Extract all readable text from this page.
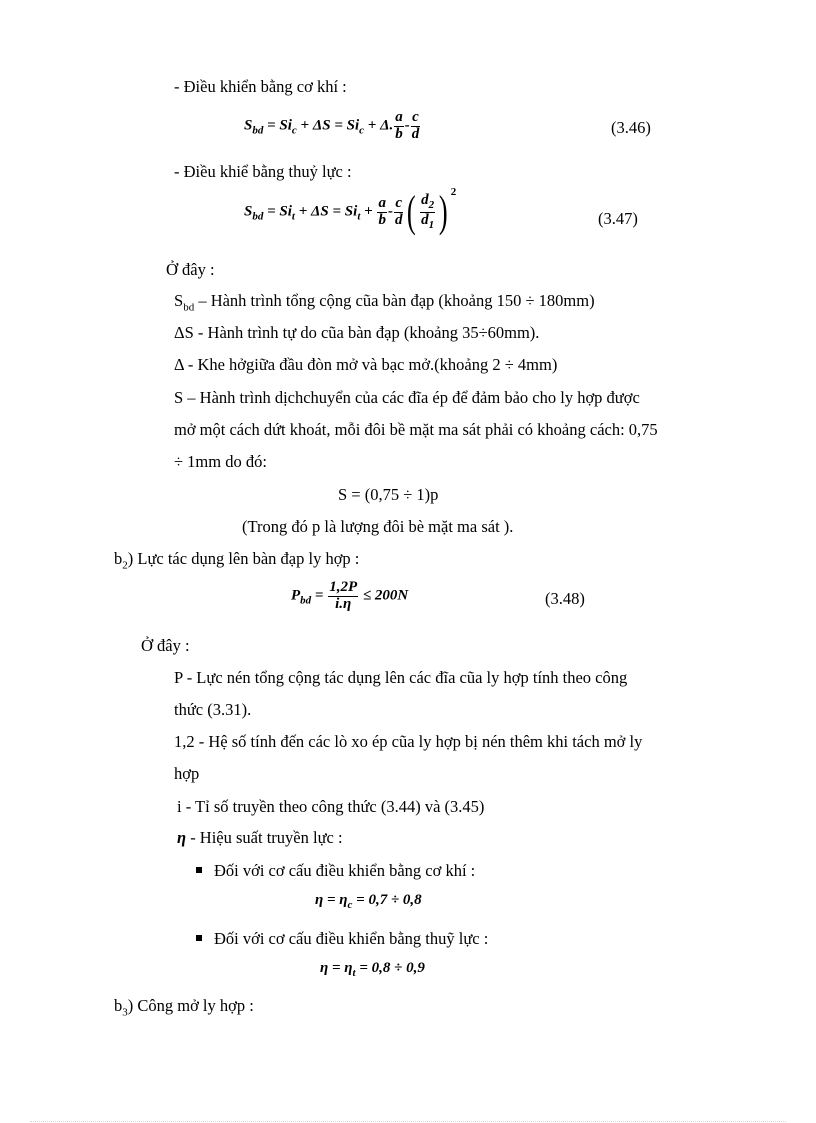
- Điều khiển bằng cơ khí :
$S_{bd} = Si_c + \Delta S = Si_c + \Delta$. $\frac{a}{b} - \frac{c}{d}$	(3.46)
- Điều khiể bằng thuỷ lực :
$S_{bd} = Si_t + \Delta S = Si_t + \frac{a}{b} - \frac{c}{d}$ ( $\frac{d_2}{d_1}$ ) $^2$
(3.47)
Ở đây :
$S_{bd}$ – Hành trình tổng cộng cũa bàn đạp (khoảng 150 ÷ 180mm)
ΔS - Hành trình tự do cũa bàn đạp (khoảng 35÷60mm).
Δ - Khe hởgiữa đầu đòn mở và bạc mở.(khoảng 2 ÷ 4mm)
S – Hành trình dịchchuyển của các đĩa ép để đảm bảo cho ly hợp được
mở một cách dứt khoát, mỗi đôi bề mặt ma sát phải có khoảng cách: 0,75
÷ 1mm do đó:
S = (0,75 ÷ 1)p
(Trong đó p là lượng đôi bè mặt ma sát ).
$b_2$) Lực tác dụng lên bàn đạp ly hợp :
$P_{bd} = \frac{1,2P}{i.\eta} \le 200N$	(3.48)
Ở đây :
P - Lực nén tổng cộng tác dụng lên các đĩa cũa ly hợp tính theo công
thức (3.31).
1,2 - Hệ số tính đến các lò xo ép cũa ly hợp bị nén thêm khi tách mở ly
hợp
i - Tỉ số truyền theo công thức (3.44) và (3.45)
η - Hiệu suất truyền lực :
Đối với cơ cấu điều khiển bằng cơ khí :
$\eta = \eta_c = 0,7 \div 0,8$
Đối với cơ cấu điều khiển bằng thuỹ lực :
$\eta = \eta_t = 0,8 \div 0,9$
$b_3$) Công mở ly hợp :
